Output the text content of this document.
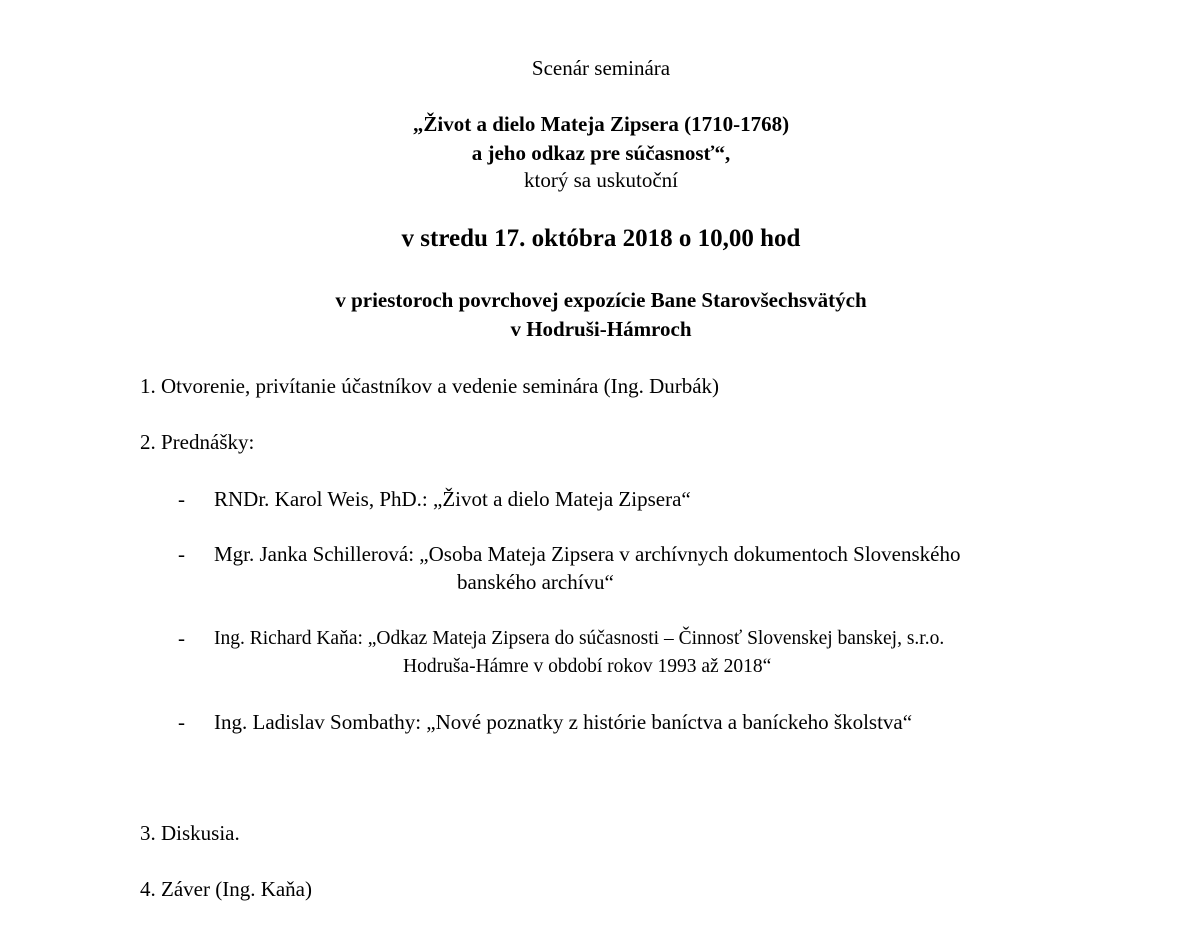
Scenár seminára
„Život a dielo Mateja Zipsera (1710-1768)
a jeho odkaz pre súčasnosť“,
ktorý sa uskutoční
v stredu 17. októbra 2018 o 10,00 hod
v priestoroch povrchovej expozície Bane Starovšechsvätých
v Hodruši-Hámroch
1. Otvorenie, privítanie účastníkov a vedenie seminára (Ing. Durbák)
2. Prednášky:
- RNDr. Karol Weis, PhD.: „Život a dielo Mateja Zipsera“
- Mgr. Janka Schillerová: „Osoba Mateja Zipsera v archívnych dokumentoch Slovenského
banského archívu“
- Ing. Richard Kaňa: „Odkaz Mateja Zipsera do súčasnosti – Činnosť Slovenskej banskej, s.r.o.
Hodruša-Hámre v období rokov 1993 až 2018“
- Ing. Ladislav Sombathy: „Nové poznatky z histórie baníctva a baníckeho školstva“
3. Diskusia.
4. Záver (Ing. Kaňa)
